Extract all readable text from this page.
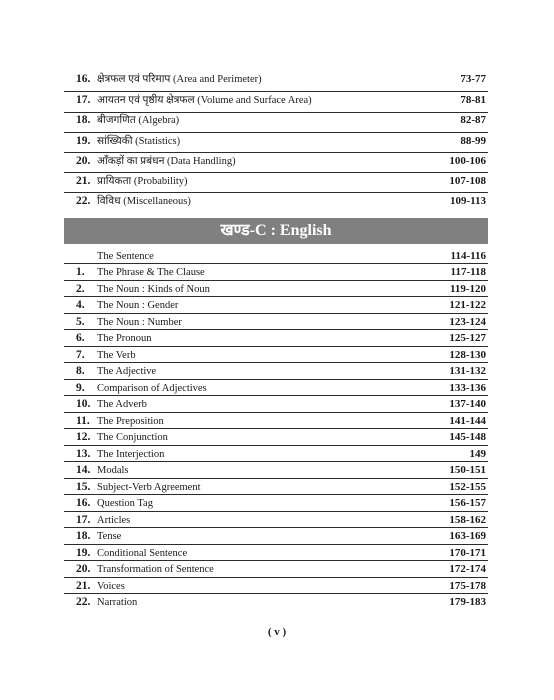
16. क्षेत्रफल एवं परिमाप (Area and Perimeter)	73-77
17. आयतन एवं पृष्ठीय क्षेत्रफल (Volume and Surface Area)	78-81
18. बीजगणित (Algebra)	82-87
19. सांख्यिकी (Statistics)	88-99
20. आँकड़ों का प्रबंधन (Data Handling)	100-106
21. प्रायिकता (Probability)	107-108
22. विविध (Miscellaneous)	109-113
खण्ड-C : English
The Sentence	114-116
1. The Phrase & The Clause	117-118
2. The Noun : Kinds of Noun	119-120
4. The Noun : Gender	121-122
5. The Noun : Number	123-124
6. The Pronoun	125-127
7. The Verb	128-130
8. The Adjective	131-132
9. Comparison of Adjectives	133-136
10. The Adverb	137-140
11. The Preposition	141-144
12. The Conjunction	145-148
13. The Interjection	149
14. Modals	150-151
15. Subject-Verb Agreement	152-155
16. Question Tag	156-157
17. Articles	158-162
18. Tense	163-169
19. Conditional Sentence	170-171
20. Transformation of Sentence	172-174
21. Voices	175-178
22. Narration	179-183
( v )
